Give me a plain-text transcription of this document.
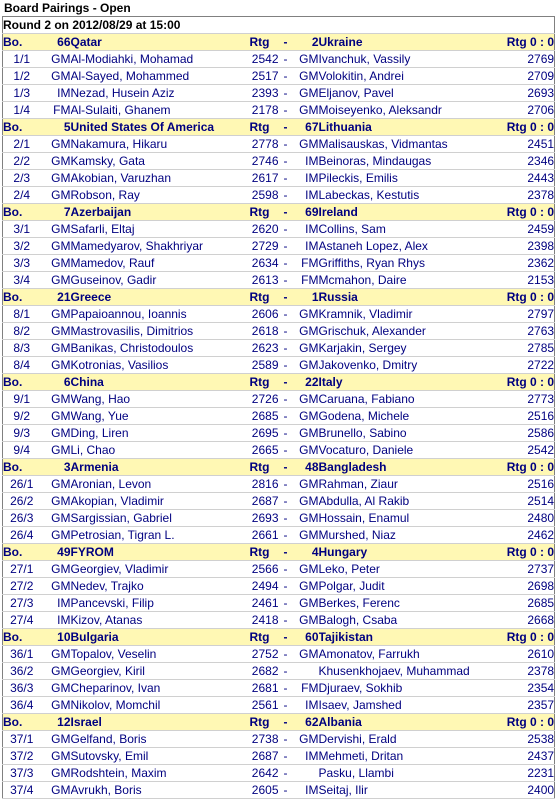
Board Pairings - Open
Round 2 on 2012/08/29 at 15:00							
Bo.	66	Qatar	Rtg	-	2	Ukraine	Rtg 0 : 0
1/1	GM	Al-Modiahki, Mohamad	2542	-	GM	Ivanchuk, Vassily	2769
1/2	GM	Al-Sayed, Mohammed	2517	-	GM	Volokitin, Andrei	2709
1/3	IM	Nezad, Husein Aziz	2393	-	GM	Eljanov, Pavel	2693
1/4	FM	Al-Sulaiti, Ghanem	2178	-	GM	Moiseyenko, Aleksandr	2706
Bo.	5	United States Of America	Rtg	-	67	Lithuania	Rtg 0 : 0
2/1	GM	Nakamura, Hikaru	2778	-	GM	Malisauskas, Vidmantas	2451
2/2	GM	Kamsky, Gata	2746	-	IM	Beinoras, Mindaugas	2346
2/3	GM	Akobian, Varuzhan	2617	-	IM	Pileckis, Emilis	2443
2/4	GM	Robson, Ray	2598	-	IM	Labeckas, Kestutis	2378
Bo.	7	Azerbaijan	Rtg	-	69	Ireland	Rtg 0 : 0
3/1	GM	Safarli, Eltaj	2620	-	IM	Collins, Sam	2459
3/2	GM	Mamedyarov, Shakhriyar	2729	-	IM	Astaneh Lopez, Alex	2398
3/3	GM	Mamedov, Rauf	2634	-	FM	Griffiths, Ryan Rhys	2362
3/4	GM	Guseinov, Gadir	2613	-	FM	Mcmahon, Daire	2153
Bo.	21	Greece	Rtg	-	1	Russia	Rtg 0 : 0
8/1	GM	Papaioannou, Ioannis	2606	-	GM	Kramnik, Vladimir	2797
8/2	GM	Mastrovasilis, Dimitrios	2618	-	GM	Grischuk, Alexander	2763
8/3	GM	Banikas, Christodoulos	2623	-	GM	Karjakin, Sergey	2785
8/4	GM	Kotronias, Vasilios	2589	-	GM	Jakovenko, Dmitry	2722
Bo.	6	China	Rtg	-	22	Italy	Rtg 0 : 0
9/1	GM	Wang, Hao	2726	-	GM	Caruana, Fabiano	2773
9/2	GM	Wang, Yue	2685	-	GM	Godena, Michele	2516
9/3	GM	Ding, Liren	2695	-	GM	Brunello, Sabino	2586
9/4	GM	Li, Chao	2665	-	GM	Vocaturo, Daniele	2542
Bo.	3	Armenia	Rtg	-	48	Bangladesh	Rtg 0 : 0
26/1	GM	Aronian, Levon	2816	-	GM	Rahman, Ziaur	2516
26/2	GM	Akopian, Vladimir	2687	-	GM	Abdulla, Al Rakib	2514
26/3	GM	Sargissian, Gabriel	2693	-	GM	Hossain, Enamul	2480
26/4	GM	Petrosian, Tigran L.	2661	-	GM	Murshed, Niaz	2462
Bo.	49	FYROM	Rtg	-	4	Hungary	Rtg 0 : 0
27/1	GM	Georgiev, Vladimir	2566	-	GM	Leko, Peter	2737
27/2	GM	Nedev, Trajko	2494	-	GM	Polgar, Judit	2698
27/3	IM	Pancevski, Filip	2461	-	GM	Berkes, Ferenc	2685
27/4	IM	Kizov, Atanas	2418	-	GM	Balogh, Csaba	2668
Bo.	10	Bulgaria	Rtg	-	60	Tajikistan	Rtg 0 : 0
36/1	GM	Topalov, Veselin	2752	-	GM	Amonatov, Farrukh	2610
36/2	GM	Georgiev, Kiril	2682	-		Khusenkhojaev, Muhammad	2378
36/3	GM	Cheparinov, Ivan	2681	-	FM	Djuraev, Sokhib	2354
36/4	GM	Nikolov, Momchil	2561	-	IM	Isaev, Jamshed	2357
Bo.	12	Israel	Rtg	-	62	Albania	Rtg 0 : 0
37/1	GM	Gelfand, Boris	2738	-	GM	Dervishi, Erald	2538
37/2	GM	Sutovsky, Emil	2687	-	IM	Mehmeti, Dritan	2437
37/3	GM	Rodshtein, Maxim	2642	-		Pasku, Llambi	2231
37/4	GM	Avrukh, Boris	2605	-	IM	Seitaj, Ilir	2400
